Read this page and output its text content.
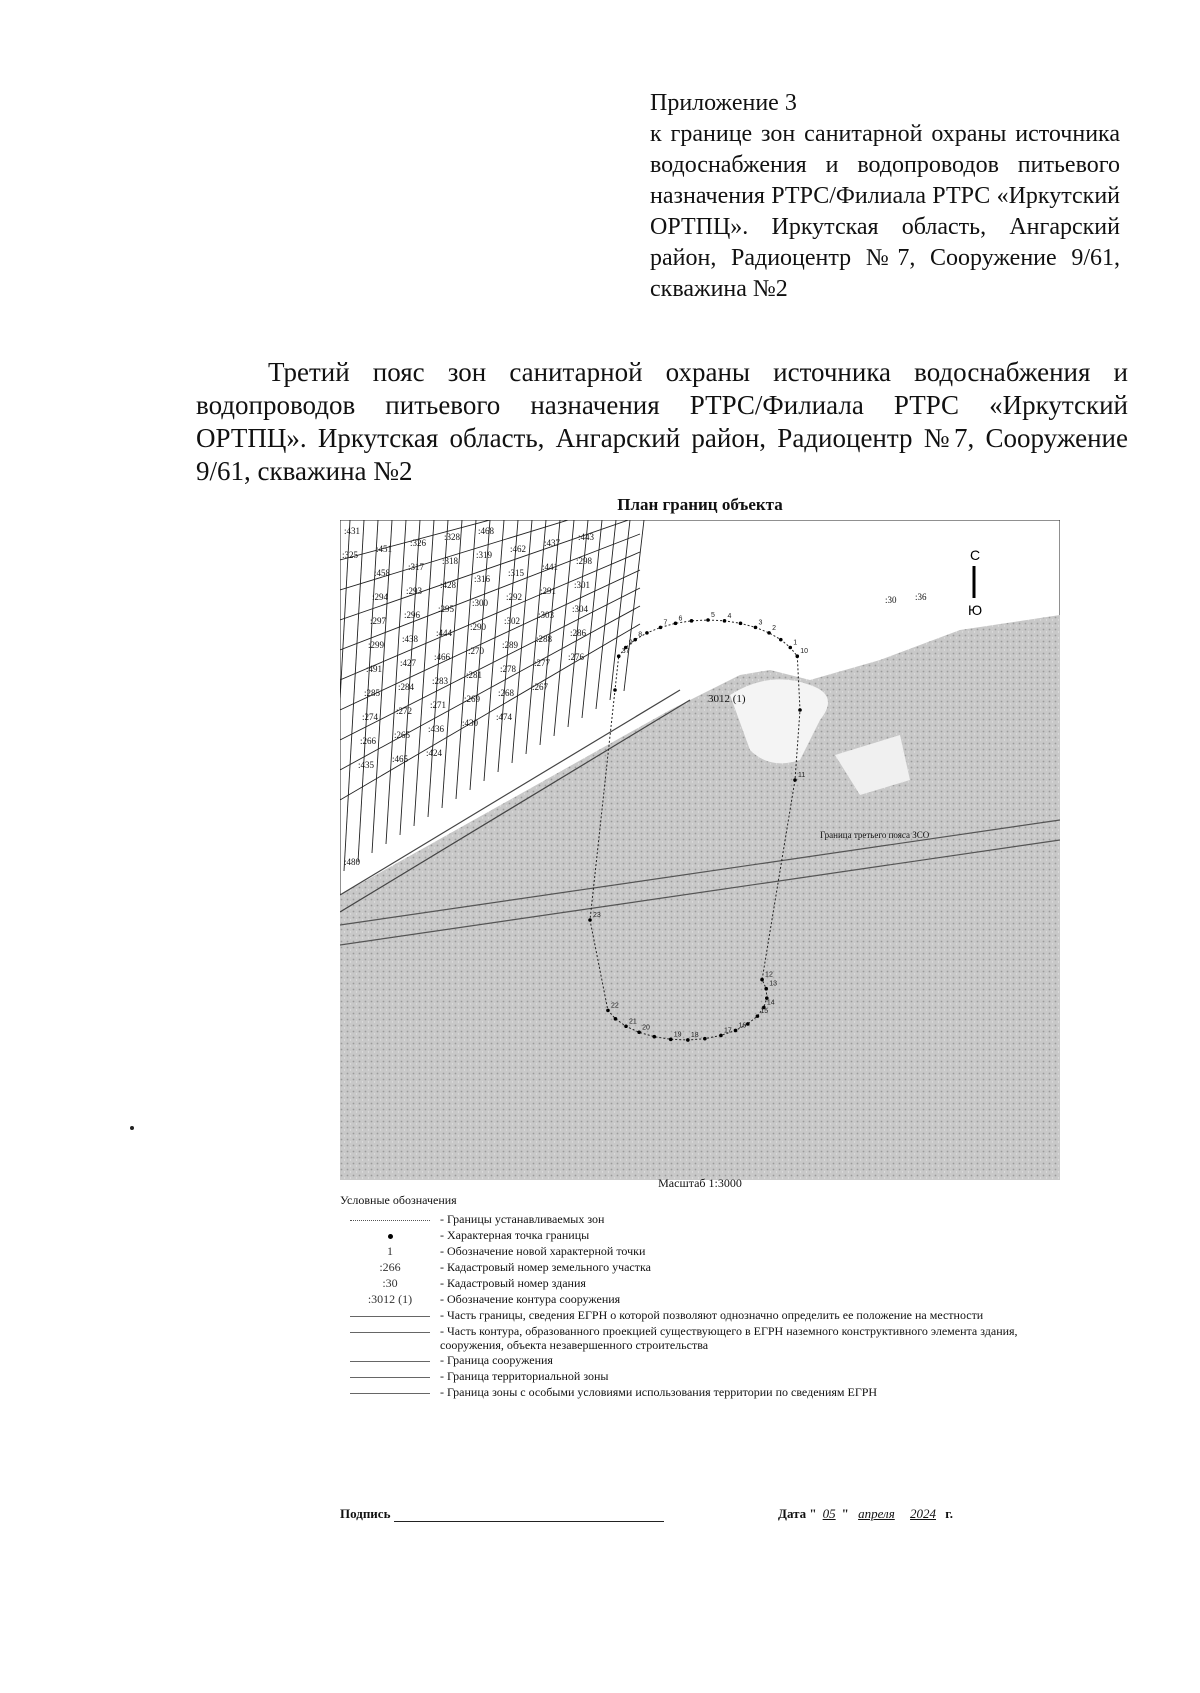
Приложение 3
к границе зон санитарной охраны источника водоснабжения и водопроводов питьевого назначения РТРС/Филиала РТРС «Иркутский ОРТПЦ». Иркутская область, Ангарский район, Радиоцентр №7, Сооружение 9/61, скважина №2
Третий пояс зон санитарной охраны источника водоснабжения и водопроводов питьевого назначения РТРС/Филиала РТРС «Иркутский ОРТПЦ». Иркутская область, Ангарский район, Радиоцентр №7, Сооружение 9/61, скважина №2
План границ объекта
Граница третьего пояса ЗСО
3012 (1)
С
Ю
:431
:325
:451
:326
:328
:468
:458
:317
:318
:319
:462
:437
:443
:294
:293
:428
:316
:315
:441
:298
:297
:296
:295
:300
:292
:291
:301
:299
:438
:444
:290
:302
:303
:304
:491
:427
:466
:270
:289
:288
:286
:285
:284
:283
:281
:278
:277
:276
:274
:272
:271
:269
:268
:267
:266
:265
:436
:430
:474
:435
:465
:424
:480
:30 :36
37
9
8
7
6	5 4
3
2
1
10
11
12
13
14
15
16
17
18
19
20
21
22
23
Масштаб 1:3000
Условные обозначения
- Границы устанавливаемых зон
- Характерная точка границы
1	- Обозначение новой характерной точки
:266	- Кадастровый номер земельного участка
:30	- Кадастровый номер здания
:3012 (1)	- Обозначение контура сооружения
- Часть границы, сведения ЕГРН о которой позволяют однозначно определить ее положение на местности
- Часть контура, образованного проекцией существующего в ЕГРН наземного конструктивного элемента здания, сооружения, объекта незавершенного строительства
- Граница сооружения
- Граница территориальной зоны
- Граница зоны с особыми условиями использования территории по сведениям ЕГРН
Подпись	Дата " 05 " апреля 2024 г.
